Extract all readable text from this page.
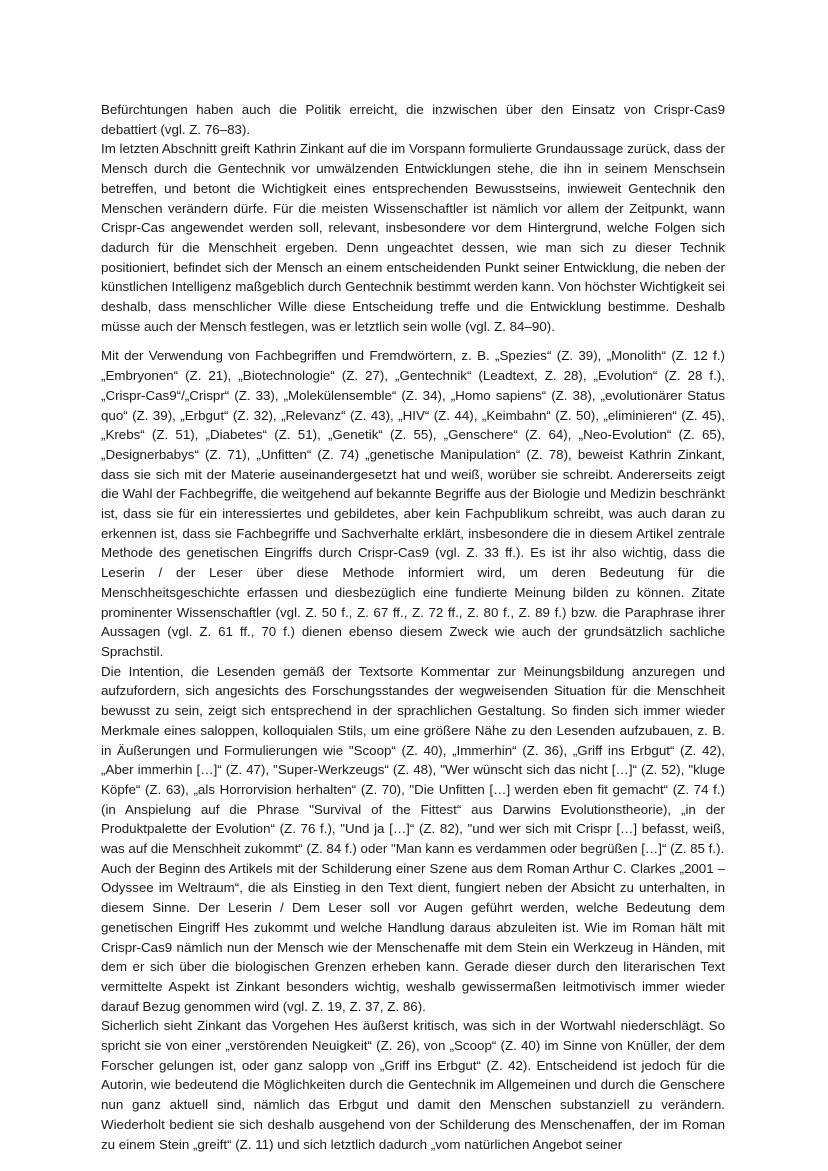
Befürchtungen haben auch die Politik erreicht, die inzwischen über den Einsatz von Crispr-Cas9 debattiert (vgl. Z. 76–83).

Im letzten Abschnitt greift Kathrin Zinkant auf die im Vorspann formulierte Grundaussage zurück, dass der Mensch durch die Gentechnik vor umwälzenden Entwicklungen stehe, die ihn in seinem Menschsein betreffen, und betont die Wichtigkeit eines entsprechenden Bewusstseins, inwieweit Gentechnik den Menschen verändern dürfe. Für die meisten Wissenschaftler ist nämlich vor allem der Zeitpunkt, wann Crispr-Cas angewendet werden soll, relevant, insbesondere vor dem Hintergrund, welche Folgen sich dadurch für die Menschheit ergeben. Denn ungeachtet dessen, wie man sich zu dieser Technik positioniert, befindet sich der Mensch an einem entscheidenden Punkt seiner Entwicklung, die neben der künstlichen Intelligenz maßgeblich durch Gentechnik bestimmt werden kann. Von höchster Wichtigkeit sei deshalb, dass menschlicher Wille diese Entscheidung treffe und die Entwicklung bestimme. Deshalb müsse auch der Mensch festlegen, was er letztlich sein wolle (vgl. Z. 84–90).

Mit der Verwendung von Fachbegriffen und Fremdwörtern, z. B. „Spezies“ (Z. 39), „Monolith“ (Z. 12 f.) „Embryonen“ (Z. 21), „Biotechnologie“ (Z. 27), „Gentechnik“ (Leadtext, Z. 28), „Evolution“ (Z. 28 f.), „Crispr-Cas9“/„Crispr“ (Z. 33), „Molekülensemble“ (Z. 34), „Homo sapiens“ (Z. 38), „evolutionärer Status quo“ (Z. 39), „Erbgut“ (Z. 32), „Relevanz“ (Z. 43), „HIV“ (Z. 44), „Keimbahn“ (Z. 50), „eliminieren“ (Z. 45), „Krebs“ (Z. 51), „Diabetes“ (Z. 51), „Genetik“ (Z. 55), „Genschere“ (Z. 64), „Neo-Evolution“ (Z. 65), „Designerbabys“ (Z. 71), „Unfitten“ (Z. 74) „genetische Manipulation“ (Z. 78), beweist Kathrin Zinkant, dass sie sich mit der Materie auseinandergesetzt hat und weiß, worüber sie schreibt. Andererseits zeigt die Wahl der Fachbegriffe, die weitgehend auf bekannte Begriffe aus der Biologie und Medizin beschränkt ist, dass sie für ein interessiertes und gebildetes, aber kein Fachpublikum schreibt, was auch daran zu erkennen ist, dass sie Fachbegriffe und Sachverhalte erklärt, insbesondere die in diesem Artikel zentrale Methode des genetischen Eingriffs durch Crispr-Cas9 (vgl. Z. 33 ff.). Es ist ihr also wichtig, dass die Leserin / der Leser über diese Methode informiert wird, um deren Bedeutung für die Menschheitsgeschichte erfassen und diesbezüglich eine fundierte Meinung bilden zu können. Zitate prominenter Wissenschaftler (vgl. Z. 50 f., Z. 67 ff., Z. 72 ff., Z. 80 f., Z. 89 f.) bzw. die Paraphrase ihrer Aussagen (vgl. Z. 61 ff., 70 f.) dienen ebenso diesem Zweck wie auch der grundsätzlich sachliche Sprachstil.

Die Intention, die Lesenden gemäß der Textsorte Kommentar zur Meinungsbildung anzuregen und aufzufordern, sich angesichts des Forschungsstandes der wegweisenden Situation für die Menschheit bewusst zu sein, zeigt sich entsprechend in der sprachlichen Gestaltung. So finden sich immer wieder Merkmale eines saloppen, kolloquialen Stils, um eine größere Nähe zu den Lesenden aufzubauen, z. B. in Äußerungen und Formulierungen wie "Scoop“ (Z. 40), „Immerhin“ (Z. 36), „Griff ins Erbgut“ (Z. 42), „Aber immerhin […]“ (Z. 47), "Super-Werkzeugs“ (Z. 48), "Wer wünscht sich das nicht […]“ (Z. 52), "kluge Köpfe“ (Z. 63), „als Horrorvision herhalten“ (Z. 70), "Die Unfitten […] werden eben fit gemacht“ (Z. 74 f.) (in Anspielung auf die Phrase "Survival of the Fittest“ aus Darwins Evolutionstheorie), „in der Produktpalette der Evolution“ (Z. 76 f.), "Und ja […]“ (Z. 82), "und wer sich mit Crispr […] befasst, weiß, was auf die Menschheit zukommt“ (Z. 84 f.) oder "Man kann es verdammen oder begrüßen […]“ (Z. 85 f.).

Auch der Beginn des Artikels mit der Schilderung einer Szene aus dem Roman Arthur C. Clarkes „2001 – Odyssee im Weltraum“, die als Einstieg in den Text dient, fungiert neben der Absicht zu unterhalten, in diesem Sinne. Der Leserin / Dem Leser soll vor Augen geführt werden, welche Bedeutung dem genetischen Eingriff Hes zukommt und welche Handlung daraus abzuleiten ist. Wie im Roman hält mit Crispr-Cas9 nämlich nun der Mensch wie der Menschenaffe mit dem Stein ein Werkzeug in Händen, mit dem er sich über die biologischen Grenzen erheben kann. Gerade dieser durch den literarischen Text vermittelte Aspekt ist Zinkant besonders wichtig, weshalb gewissermaßen leitmotivisch immer wieder darauf Bezug genommen wird (vgl. Z. 19, Z. 37, Z. 86).

Sicherlich sieht Zinkant das Vorgehen Hes äußerst kritisch, was sich in der Wortwahl niederschlägt. So spricht sie von einer „verstörenden Neuigkeit“ (Z. 26), von „Scoop“ (Z. 40) im Sinne von Knüller, der dem Forscher gelungen ist, oder ganz salopp von „Griff ins Erbgut“ (Z. 42). Entscheidend ist jedoch für die Autorin, wie bedeutend die Möglichkeiten durch die Gentechnik im Allgemeinen und durch die Genschere nun ganz aktuell sind, nämlich das Erbgut und damit den Menschen substanziell zu verändern. Wiederholt bedient sie sich deshalb ausgehend von der Schilderung des Menschenaffen, der im Roman zu einem Stein „greift“ (Z. 11) und sich letztlich dadurch „vom natürlichen Angebot seiner
